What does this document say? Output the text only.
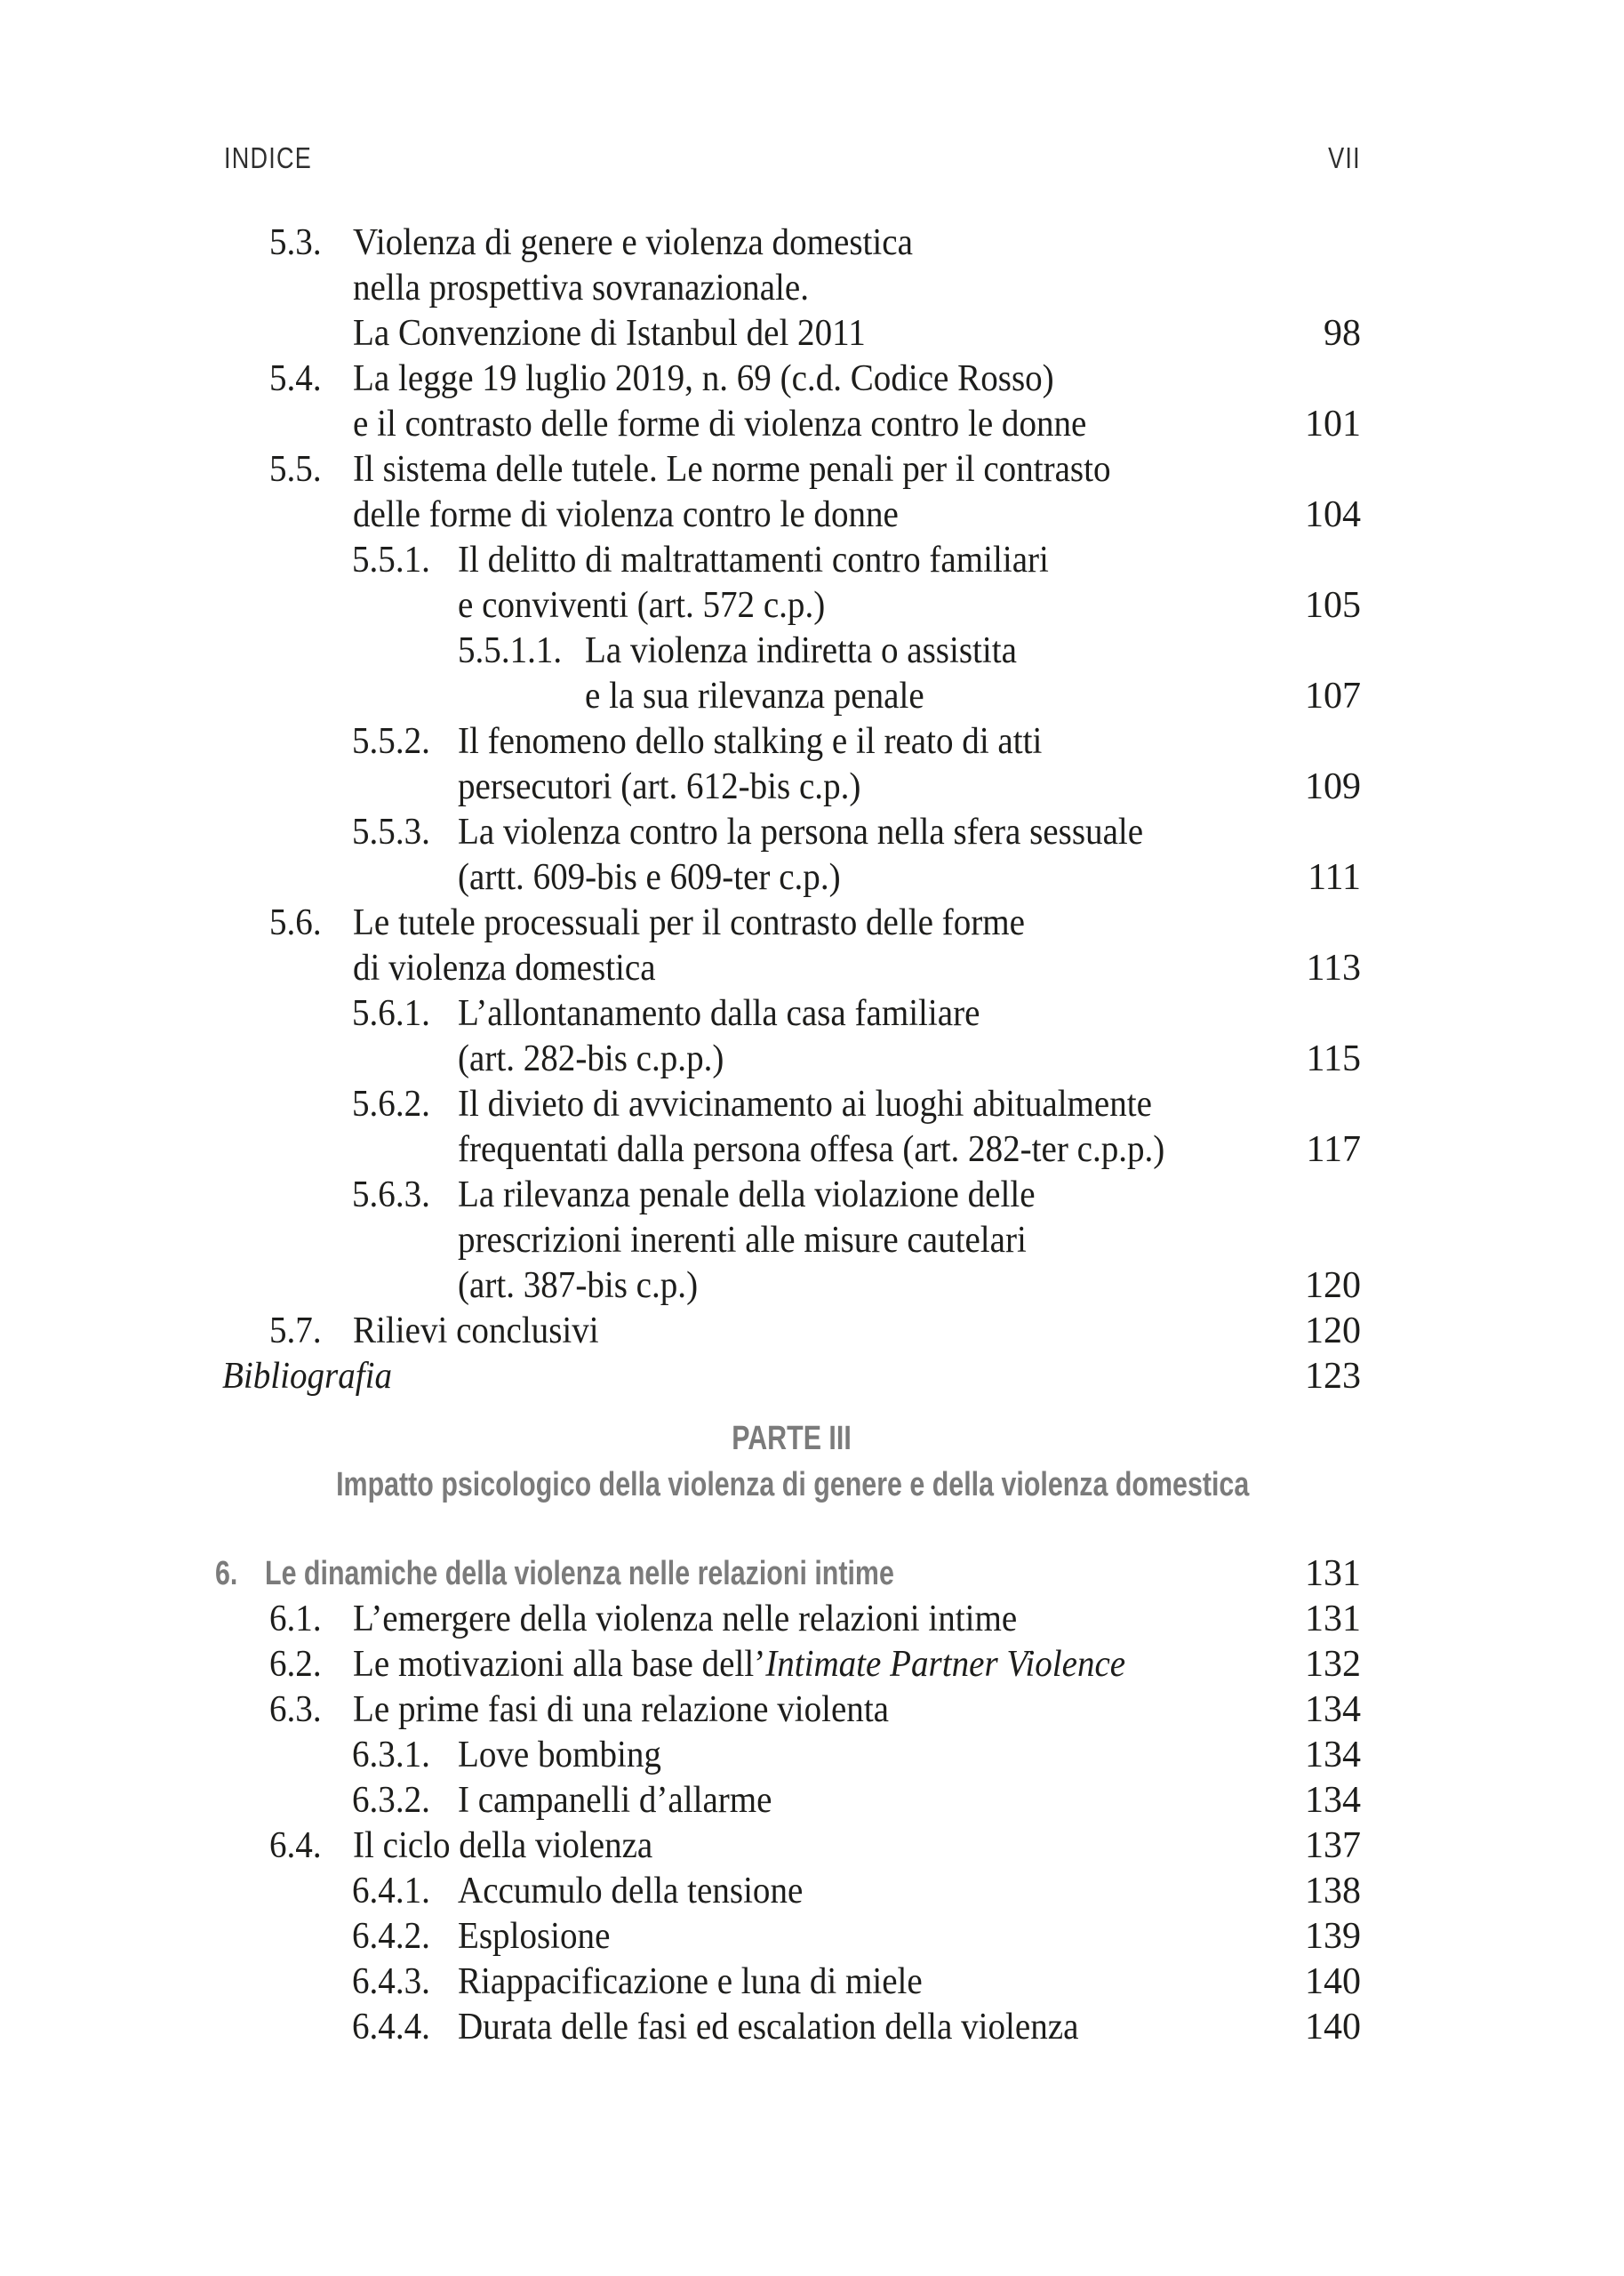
INDICE	VII
5.3. Violenza di genere e violenza domestica
nella prospettiva sovranazionale.
La Convenzione di Istanbul del 2011	98
5.4. La legge 19 luglio 2019, n. 69 (c.d. Codice Rosso)
e il contrasto delle forme di violenza contro le donne	101
5.5. Il sistema delle tutele. Le norme penali per il contrasto
delle forme di violenza contro le donne	104
5.5.1. Il delitto di maltrattamenti contro familiari
e conviventi (art. 572 c.p.)	105
5.5.1.1. La violenza indiretta o assistita
e la sua rilevanza penale	107
5.5.2. Il fenomeno dello stalking e il reato di atti
persecutori (art. 612-bis c.p.)	109
5.5.3. La violenza contro la persona nella sfera sessuale
(artt. 609-bis e 609-ter c.p.)	111
5.6. Le tutele processuali per il contrasto delle forme
di violenza domestica	113
5.6.1. L’allontanamento dalla casa familiare
(art. 282-bis c.p.p.)	115
5.6.2. Il divieto di avvicinamento ai luoghi abitualmente
frequentati dalla persona offesa (art. 282-ter c.p.p.)	117
5.6.3. La rilevanza penale della violazione delle
prescrizioni inerenti alle misure cautelari
(art. 387-bis c.p.)	120
5.7. Rilievi conclusivi	120
Bibliografia	123
PARTE III
Impatto psicologico della violenza di genere e della violenza domestica
6. Le dinamiche della violenza nelle relazioni intime	131
6.1. L’emergere della violenza nelle relazioni intime	131
6.2. Le motivazioni alla base dell’Intimate Partner Violence	132
6.3. Le prime fasi di una relazione violenta	134
6.3.1. Love bombing	134
6.3.2. I campanelli d’allarme	134
6.4. Il ciclo della violenza	137
6.4.1. Accumulo della tensione	138
6.4.2. Esplosione	139
6.4.3. Riappacificazione e luna di miele	140
6.4.4. Durata delle fasi ed escalation della violenza	140
